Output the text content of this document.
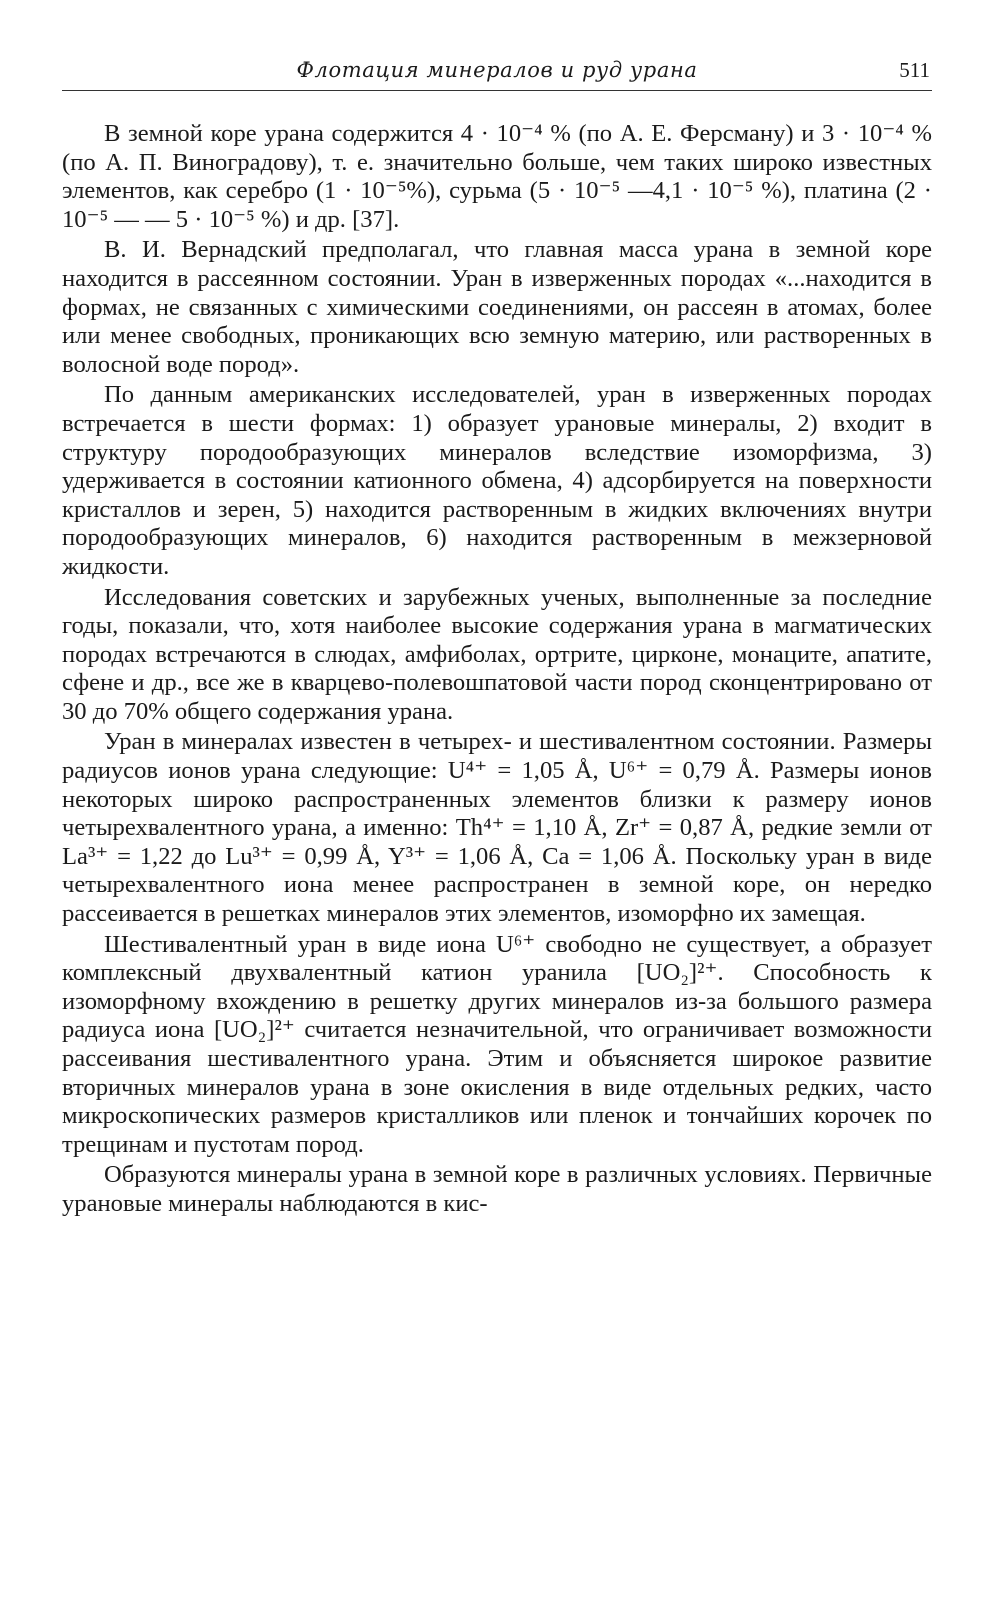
Флотация минералов и руд урана	511

В земной коре урана содержится 4 · 10⁻⁴ % (по А. Е. Ферсману) и 3 · 10⁻⁴ % (по А. П. Виноградову), т. е. значительно больше, чем таких широко известных элементов, как серебро (1 · 10⁻⁵%), сурьма (5 · 10⁻⁵ —4,1 · 10⁻⁵ %), платина (2 · 10⁻⁵ — — 5 · 10⁻⁵ %) и др. [37].

В. И. Вернадский предполагал, что главная масса урана в земной коре находится в рассеянном состоянии. Уран в изверженных породах «...находится в формах, не связанных с химическими соединениями, он рассеян в атомах, более или менее свободных, проникающих всю земную материю, или растворенных в волосной воде пород».

По данным американских исследователей, уран в изверженных породах встречается в шести формах: 1) образует урановые минералы, 2) входит в структуру породообразующих минералов вследствие изоморфизма, 3) удерживается в состоянии катионного обмена, 4) адсорбируется на поверхности кристаллов и зерен, 5) находится растворенным в жидких включениях внутри породообразующих минералов, 6) находится растворенным в межзерновой жидкости.

Исследования советских и зарубежных ученых, выполненные за последние годы, показали, что, хотя наиболее высокие содержания урана в магматических породах встречаются в слюдах, амфиболах, ортрите, цирконе, монаците, апатите, сфене и др., все же в кварцево-полевошпатовой части пород сконцентрировано от 30 до 70% общего содержания урана.

Уран в минералах известен в четырех- и шестивалентном состоянии. Размеры радиусов ионов урана следующие: U⁴⁺ = 1,05 Å, U⁶⁺ = 0,79 Å. Размеры ионов некоторых широко распространенных элементов близки к размеру ионов четырехвалентного урана, а именно: Th⁴⁺ = 1,10 Å, Zr⁺ = 0,87 Å, редкие земли от La³⁺ = 1,22 до Lu³⁺ = 0,99 Å, Y³⁺ = 1,06 Å, Ca = 1,06 Å. Поскольку уран в виде четырехвалентного иона менее распространен в земной коре, он нередко рассеивается в решетках минералов этих элементов, изоморфно их замещая.

Шестивалентный уран в виде иона U⁶⁺ свободно не существует, а образует комплексный двухвалентный катион уранила [UO₂]²⁺. Способность к изоморфному вхождению в решетку других минералов из-за большого размера радиуса иона [UO₂]²⁺ считается незначительной, что ограничивает возможности рассеивания шестивалентного урана. Этим и объясняется широкое развитие вторичных минералов урана в зоне окисления в виде отдельных редких, часто микроскопических размеров кристалликов или пленок и тончайших корочек по трещинам и пустотам пород.

Образуются минералы урана в земной коре в различных условиях. Первичные урановые минералы наблюдаются в кис-
